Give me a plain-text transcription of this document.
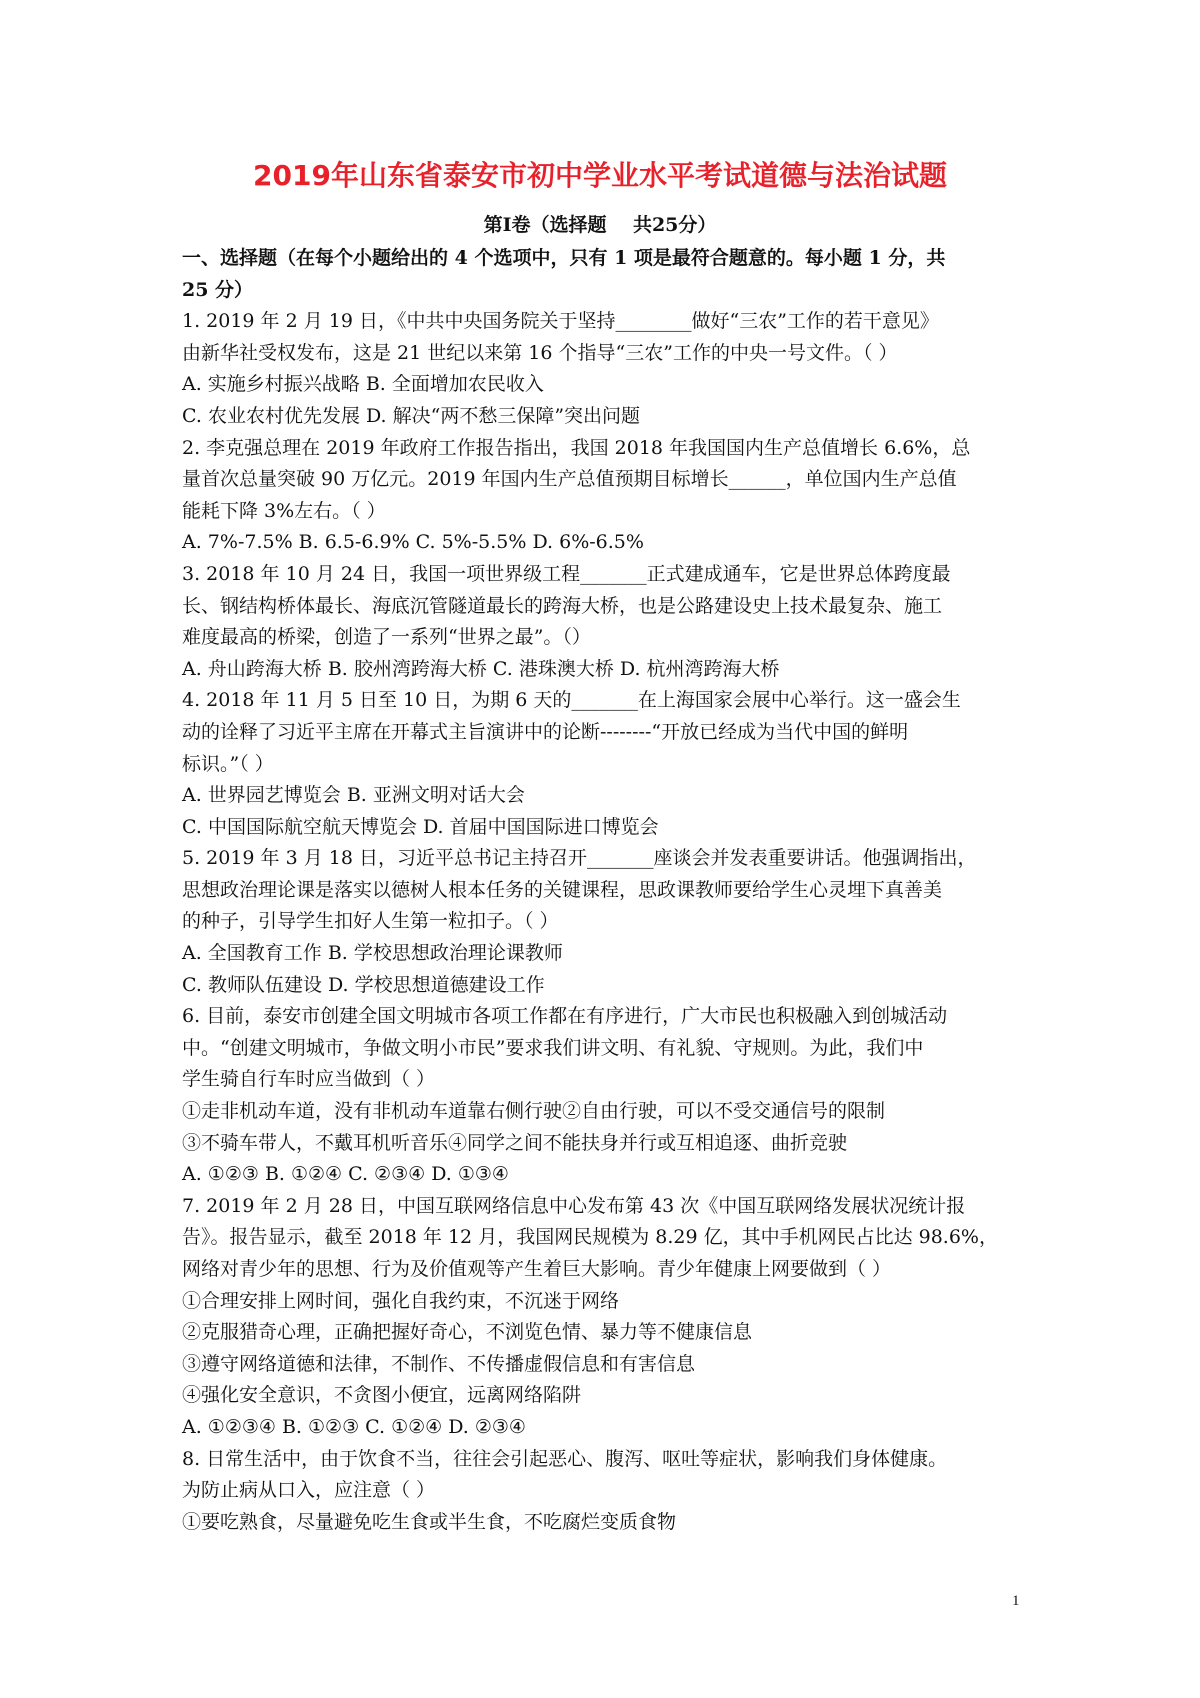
2019年山东省泰安市初中学业水平考试道德与法治试题
第Ⅰ卷（选择题    共25分）
一、选择题（在每个小题给出的 4 个选项中，只有 1 项是最符合题意的。每小题 1 分，共
25 分）
1. 2019 年 2 月 19 日，《中共中央国务院关于坚持________做好“三农”工作的若干意见》
由新华社受权发布，这是 21 世纪以来第 16 个指导“三农”工作的中央一号文件。（ ）
A. 实施乡村振兴战略 B. 全面增加农民收入
C. 农业农村优先发展 D. 解决“两不愁三保障”突出问题
2. 李克强总理在 2019 年政府工作报告指出，我国 2018 年我国国内生产总值增长 6.6%，总
量首次总量突破 90 万亿元。2019 年国内生产总值预期目标增长______，单位国内生产总值
能耗下降 3%左右。（ ）
A. 7%-7.5% B. 6.5-6.9% C. 5%-5.5% D. 6%-6.5%
3. 2018 年 10 月 24 日，我国一项世界级工程_______正式建成通车，它是世界总体跨度最
长、钢结构桥体最长、海底沉管隧道最长的跨海大桥，也是公路建设史上技术最复杂、施工
难度最高的桥梁，创造了一系列“世界之最”。（）
A. 舟山跨海大桥 B. 胶州湾跨海大桥 C. 港珠澳大桥 D. 杭州湾跨海大桥
4. 2018 年 11 月 5 日至 10 日，为期 6 天的_______在上海国家会展中心举行。这一盛会生
动的诠释了习近平主席在开幕式主旨演讲中的论断--------“开放已经成为当代中国的鲜明
标识。”（ ）
A. 世界园艺博览会 B. 亚洲文明对话大会
C. 中国国际航空航天博览会 D. 首届中国国际进口博览会
5. 2019 年 3 月 18 日，习近平总书记主持召开_______座谈会并发表重要讲话。他强调指出，
思想政治理论课是落实以德树人根本任务的关键课程，思政课教师要给学生心灵埋下真善美
的种子，引导学生扣好人生第一粒扣子。（ ）
A. 全国教育工作 B. 学校思想政治理论课教师
C. 教师队伍建设 D. 学校思想道德建设工作
6. 目前，泰安市创建全国文明城市各项工作都在有序进行，广大市民也积极融入到创城活动
中。“创建文明城市，争做文明小市民”要求我们讲文明、有礼貌、守规则。为此，我们中
学生骑自行车时应当做到（ ）
①走非机动车道，没有非机动车道靠右侧行驶②自由行驶，可以不受交通信号的限制
③不骑车带人，不戴耳机听音乐④同学之间不能扶身并行或互相追逐、曲折竞驶
A. ①②③ B. ①②④ C. ②③④ D. ①③④
7. 2019 年 2 月 28 日，中国互联网络信息中心发布第 43 次《中国互联网络发展状况统计报
告》。报告显示，截至 2018 年 12 月，我国网民规模为 8.29 亿，其中手机网民占比达 98.6%，
网络对青少年的思想、行为及价值观等产生着巨大影响。青少年健康上网要做到（ ）
①合理安排上网时间，强化自我约束，不沉迷于网络
②克服猎奇心理，正确把握好奇心，不浏览色情、暴力等不健康信息
③遵守网络道德和法律，不制作、不传播虚假信息和有害信息
④强化安全意识，不贪图小便宜，远离网络陷阱
A. ①②③④ B. ①②③ C. ①②④ D. ②③④
8. 日常生活中，由于饮食不当，往往会引起恶心、腹泻、呕吐等症状，影响我们身体健康。
为防止病从口入，应注意（ ）
①要吃熟食，尽量避免吃生食或半生食，不吃腐烂变质食物
1
